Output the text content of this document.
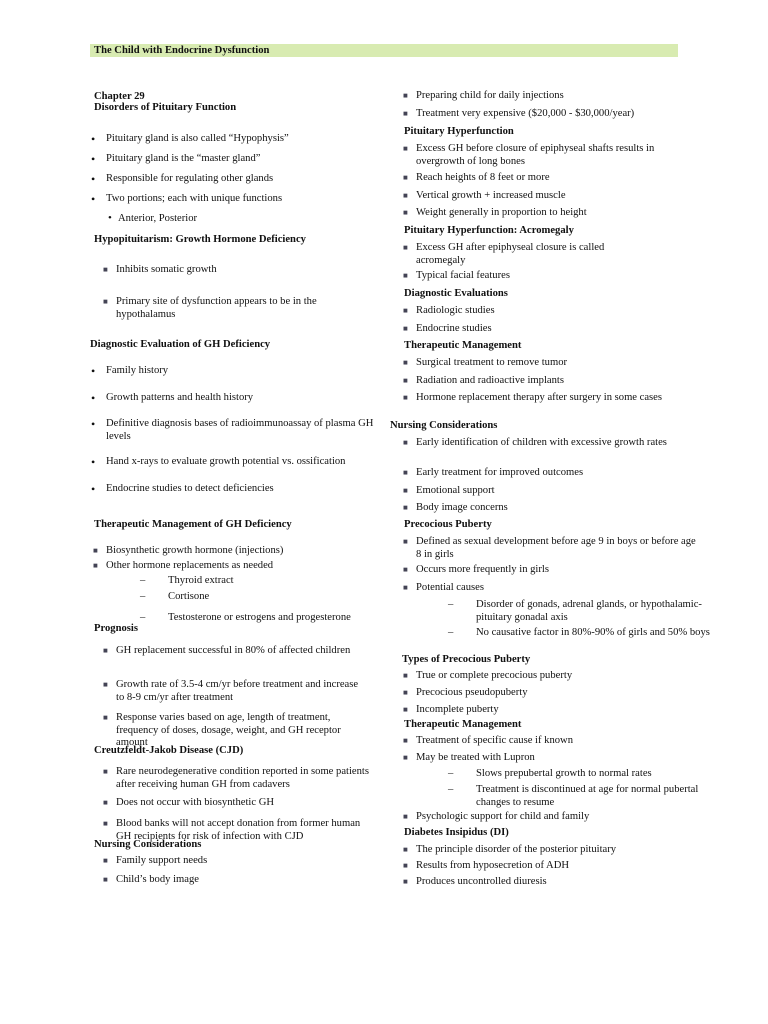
The Child with Endocrine Dysfunction
Chapter 29
Disorders of Pituitary Function
• Pituitary gland is also called “Hypophysis”
• Pituitary gland is the “master gland”
• Responsible for regulating other glands
• Two portions; each with unique functions
• Anterior, Posterior
Hypopituitarism: Growth Hormone Deficiency
■ Inhibits somatic growth
■ Primary site of dysfunction appears to be in the hypothalamus
Diagnostic Evaluation of GH Deficiency
• Family history
• Growth patterns and health history
• Definitive diagnosis bases of radioimmunoassay of plasma GH levels
• Hand x-rays to evaluate growth potential vs. ossification
• Endocrine studies to detect deficiencies
Therapeutic Management of GH Deficiency
■ Biosynthetic growth hormone (injections)
■ Other hormone replacements as needed
– Thyroid extract
– Cortisone
– Testosterone or estrogens and progesterone
Prognosis
■ GH replacement successful in 80% of affected children
■ Growth rate of 3.5-4 cm/yr before treatment and increase to 8-9 cm/yr after treatment
■ Response varies based on age, length of treatment, frequency of doses, dosage, weight, and GH receptor amount
Creutzfeldt-Jakob Disease (CJD)
■ Rare neurodegenerative condition reported in some patients after receiving human GH from cadavers
■ Does not occur with biosynthetic GH
■ Blood banks will not accept donation from former human GH recipients for risk of infection with CJD
Nursing Considerations
■ Family support needs
■ Child’s body image
■ Preparing child for daily injections
■ Treatment very expensive ($20,000 - $30,000/year)
Pituitary Hyperfunction
■ Excess GH before closure of epiphyseal shafts results in overgrowth of long bones
■ Reach heights of 8 feet or more
■ Vertical growth + increased muscle
■ Weight generally in proportion to height
Pituitary Hyperfunction: Acromegaly
■ Excess GH after epiphyseal closure is called acromegaly
■ Typical facial features
Diagnostic Evaluations
■ Radiologic studies
■ Endocrine studies
Therapeutic Management
■ Surgical treatment to remove tumor
■ Radiation and radioactive implants
■ Hormone replacement therapy after surgery in some cases
Nursing Considerations
■ Early identification of children with excessive growth rates
■ Early treatment for improved outcomes
■ Emotional support
■ Body image concerns
Precocious Puberty
■ Defined as sexual development before age 9 in boys or before age 8 in girls
■ Occurs more frequently in girls
■ Potential causes
– Disorder of gonads, adrenal glands, or hypothalamic-pituitary gonadal axis
– No causative factor in 80%-90% of girls and 50% boys
Types of Precocious Puberty
■ True or complete precocious puberty
■ Precocious pseudopuberty
■ Incomplete puberty
Therapeutic Management
■ Treatment of specific cause if known
■ May be treated with Lupron
– Slows prepubertal growth to normal rates
– Treatment is discontinued at age for normal pubertal changes to resume
■ Psychologic support for child and family
Diabetes Insipidus (DI)
■ The principle disorder of the posterior pituitary
■ Results from hyposecretion of ADH
■ Produces uncontrolled diuresis
